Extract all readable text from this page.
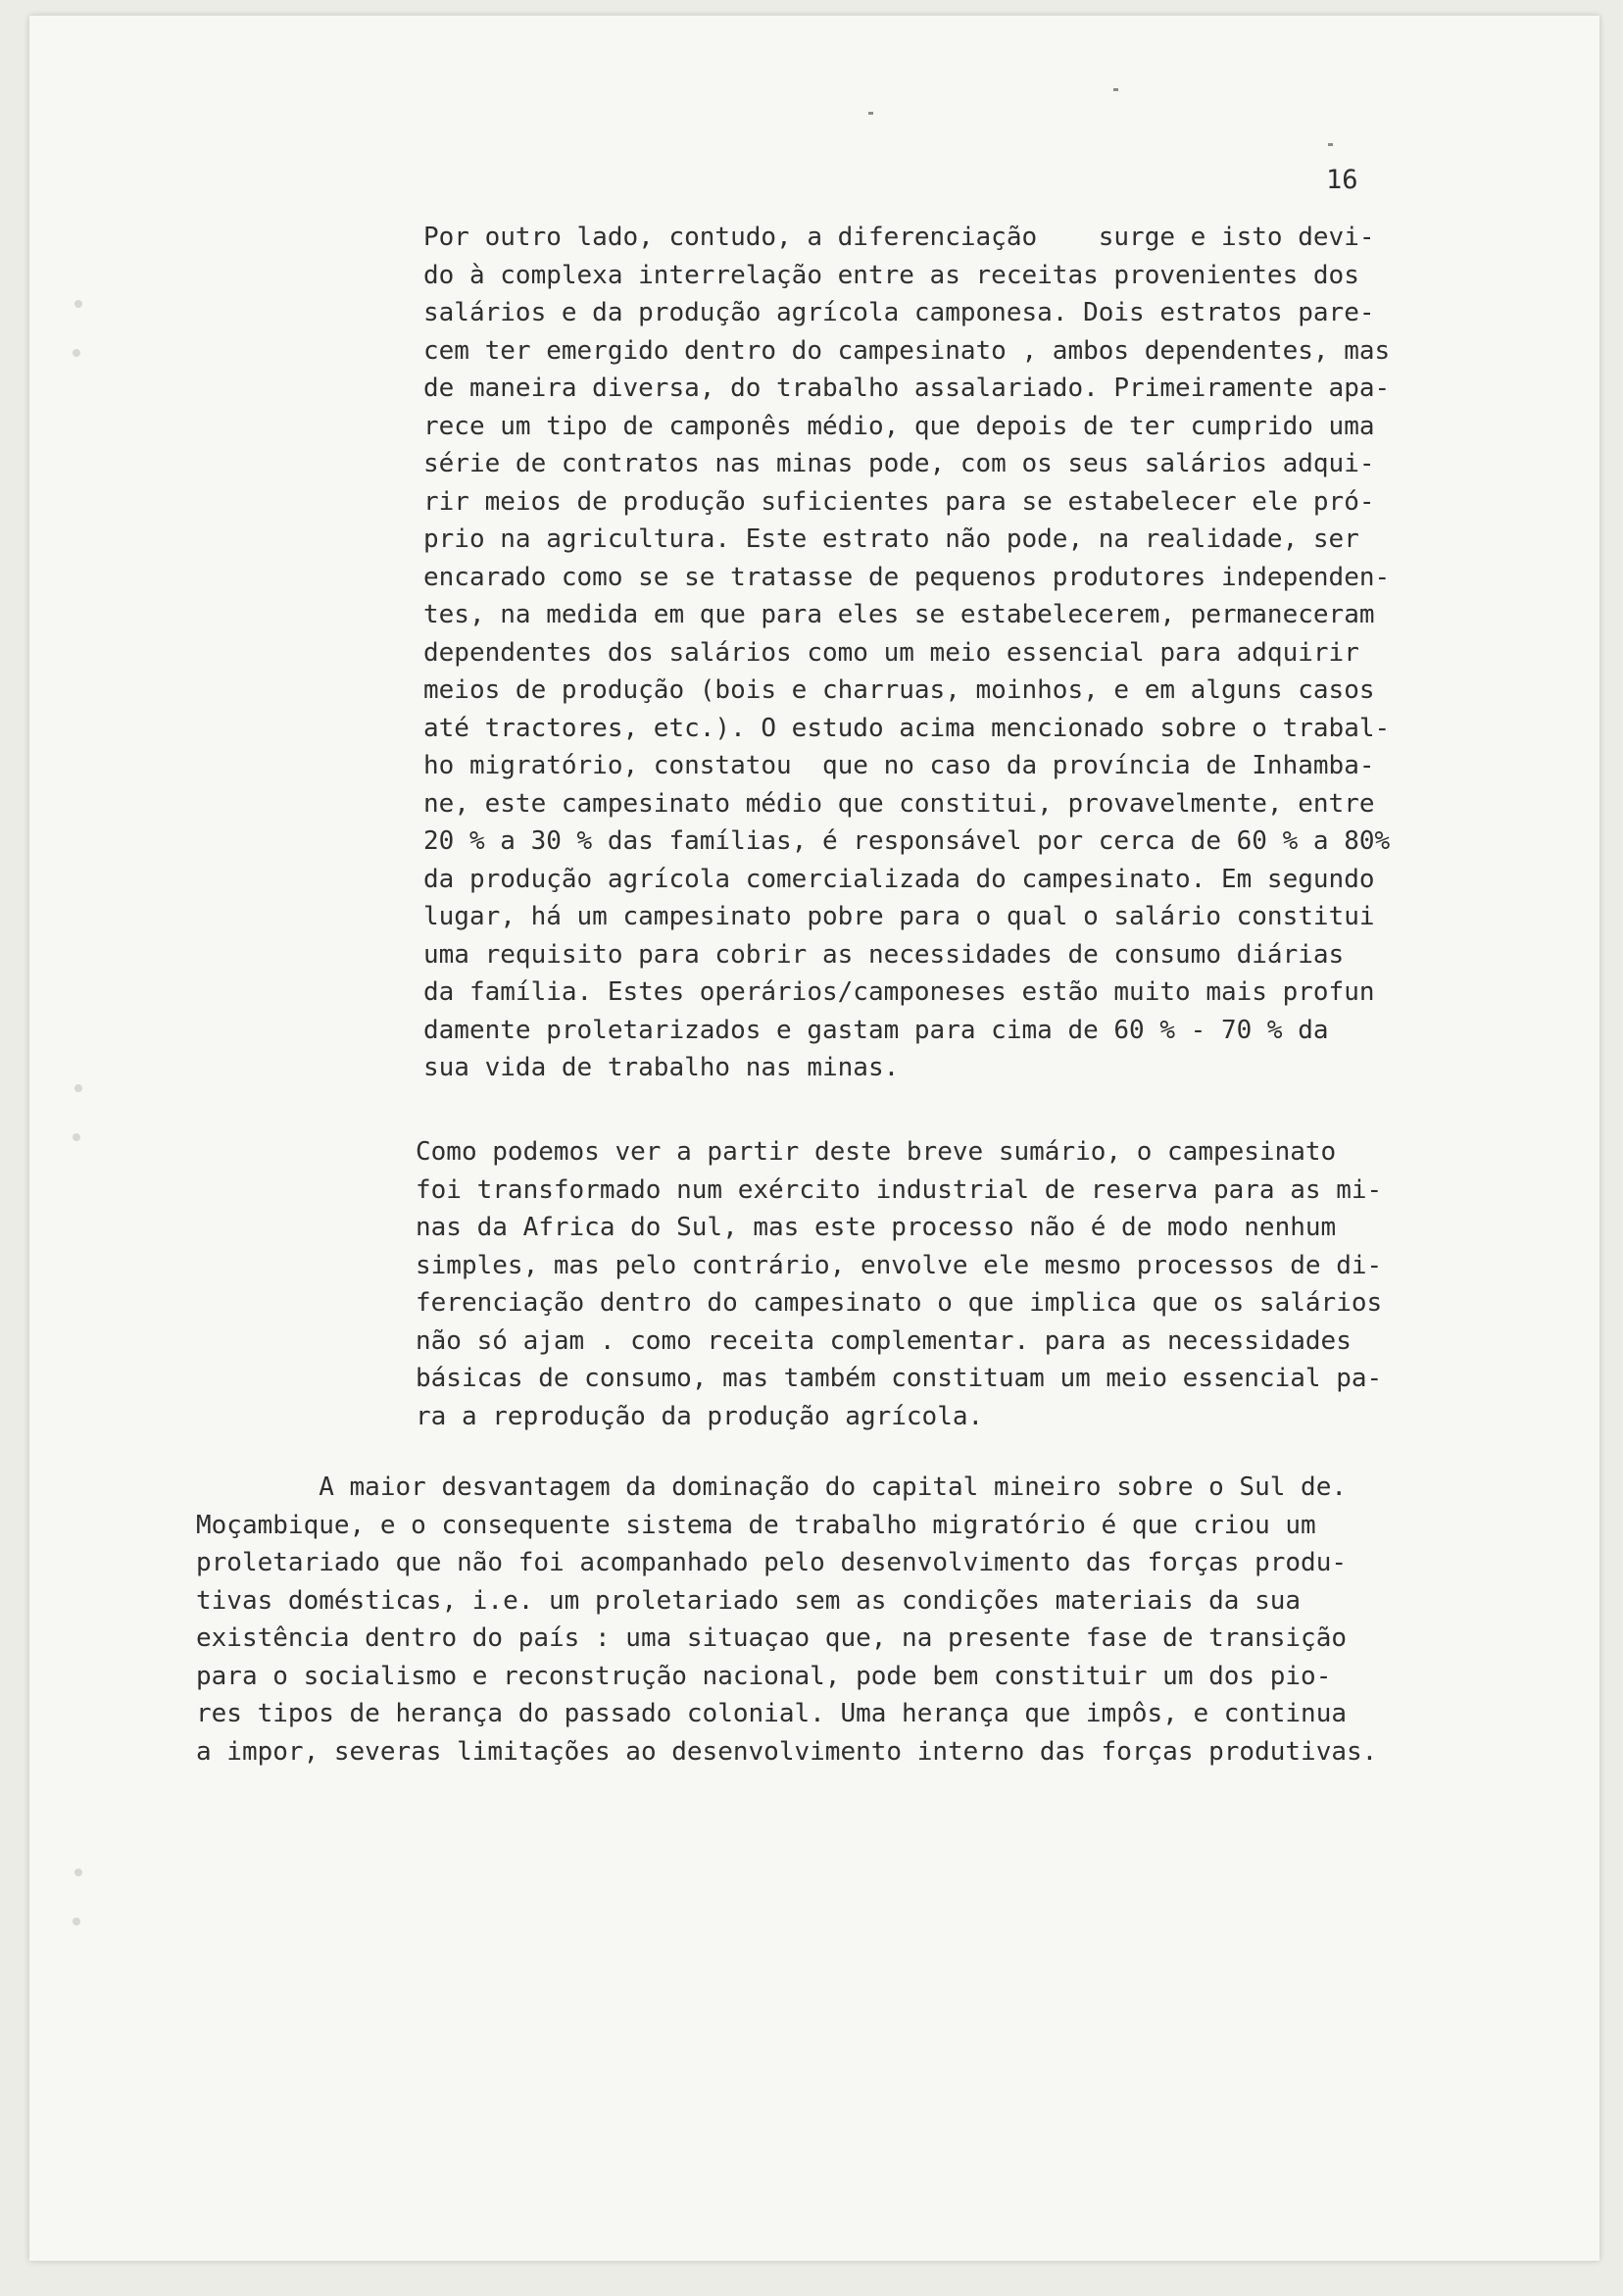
16
Por outro lado, contudo, a diferenciação    surge e isto devi-
do à complexa interrelação entre as receitas provenientes dos
salários e da produção agrícola camponesa. Dois estratos pare-
cem ter emergido dentro do campesinato , ambos dependentes, mas
de maneira diversa, do trabalho assalariado. Primeiramente apa-
rece um tipo de camponês médio, que depois de ter cumprido uma
série de contratos nas minas pode, com os seus salários adqui-
rir meios de produção suficientes para se estabelecer ele pró-
prio na agricultura. Este estrato não pode, na realidade, ser
encarado como se se tratasse de pequenos produtores independen-
tes, na medida em que para eles se estabelecerem, permaneceram
dependentes dos salários como um meio essencial para adquirir
meios de produção (bois e charruas, moinhos, e em alguns casos
até tractores, etc.). O estudo acima mencionado sobre o trabal-
ho migratório, constatou  que no caso da província de Inhamba-
ne, este campesinato médio que constitui, provavelmente, entre
20 % a 30 % das famílias, é responsável por cerca de 60 % a 80%
da produção agrícola comercializada do campesinato. Em segundo
lugar, há um campesinato pobre para o qual o salário constitui
uma requisito para cobrir as necessidades de consumo diárias
da família. Estes operários/camponeses estão muito mais profun
damente proletarizados e gastam para cima de 60 % - 70 % da
sua vida de trabalho nas minas.
Como podemos ver a partir deste breve sumário, o campesinato
foi transformado num exército industrial de reserva para as mi-
nas da Africa do Sul, mas este processo não é de modo nenhum
simples, mas pelo contrário, envolve ele mesmo processos de di-
ferenciação dentro do campesinato o que implica que os salários
não só ajam . como receita complementar. para as necessidades
básicas de consumo, mas também constituam um meio essencial pa-
ra a reprodução da produção agrícola.
A maior desvantagem da dominação do capital mineiro sobre o Sul de.
Moçambique, e o consequente sistema de trabalho migratório é que criou um
proletariado que não foi acompanhado pelo desenvolvimento das forças produ-
tivas domésticas, i.e. um proletariado sem as condições materiais da sua
existência dentro do país : uma situaçao que, na presente fase de transição
para o socialismo e reconstrução nacional, pode bem constituir um dos pio-
res tipos de herança do passado colonial. Uma herança que impôs, e continua
a impor, severas limitações ao desenvolvimento interno das forças produtivas.
